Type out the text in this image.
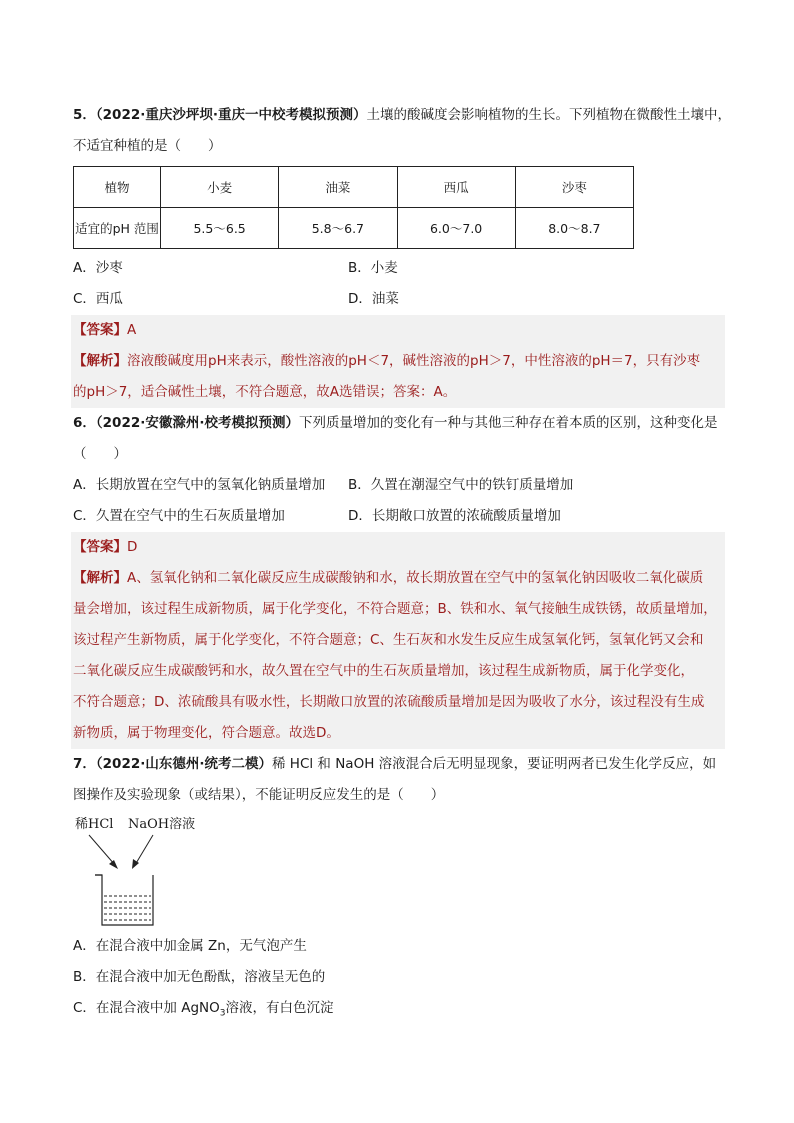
5．（2022·重庆沙坪坝·重庆一中校考模拟预测）土壤的酸碱度会影响植物的生长。下列植物在微酸性土壤中，
不适宜种植的是（　　）
植物	小麦	油菜	西瓜	沙枣
适宜的pH 范围	5.5～6.5	5.8～6.7	6.0～7.0	8.0～8.7
A．沙枣	B．小麦
C．西瓜	D．油菜
【答案】A
【解析】溶液酸碱度用pH来表示，酸性溶液的pH＜7，碱性溶液的pH＞7，中性溶液的pH＝7，只有沙枣
的pH＞7，适合碱性土壤，不符合题意，故A选错误；答案：A。
6．（2022·安徽滁州·校考模拟预测）下列质量增加的变化有一种与其他三种存在着本质的区别，这种变化是
（　　）
A．长期放置在空气中的氢氧化钠质量增加	B．久置在潮湿空气中的铁钉质量增加
C．久置在空气中的生石灰质量增加	D．长期敞口放置的浓硫酸质量增加
【答案】D
【解析】A、氢氧化钠和二氧化碳反应生成碳酸钠和水，故长期放置在空气中的氢氧化钠因吸收二氧化碳质
量会增加，该过程生成新物质，属于化学变化，不符合题意；B、铁和水、氧气接触生成铁锈，故质量增加，
该过程产生新物质，属于化学变化，不符合题意；C、生石灰和水发生反应生成氢氧化钙，氢氧化钙又会和
二氧化碳反应生成碳酸钙和水，故久置在空气中的生石灰质量增加，该过程生成新物质，属于化学变化，
不符合题意；D、浓硫酸具有吸水性，长期敞口放置的浓硫酸质量增加是因为吸收了水分，该过程没有生成
新物质，属于物理变化，符合题意。故选D。
7．（2022·山东德州·统考二模）稀 HCl 和 NaOH 溶液混合后无明显现象，要证明两者已发生化学反应，如
图操作及实验现象（或结果），不能证明反应发生的是（　　）
稀HCl NaOH溶液
A．在混合液中加金属 Zn，无气泡产生
B．在混合液中加无色酚酞，溶液呈无色的
C．在混合液中加 AgNO$_3$溶液，有白色沉淀
